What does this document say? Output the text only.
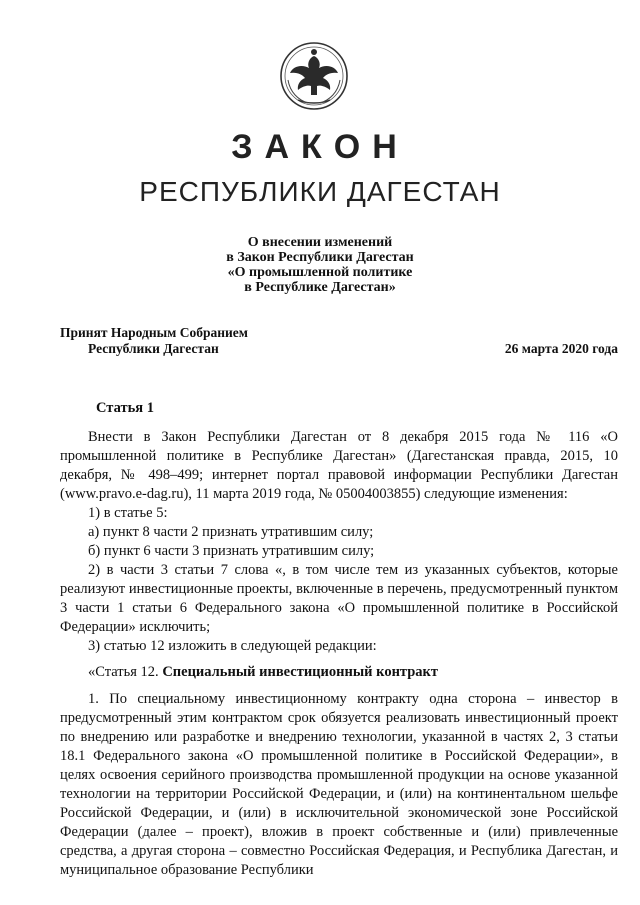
ЗАКОН
РЕСПУБЛИКИ ДАГЕСТАН
О внесении изменений
в Закон Республики Дагестан
«О промышленной политике
в Республике Дагестан»
Принят Народным Собранием
Республики Дагестан	26 марта 2020 года
Статья 1

Внести в Закон Республики Дагестан от 8 декабря 2015 года № 116 «О промышленной политике в Республике Дагестан» (Дагестанская правда, 2015, 10 декабря, № 498–499; интернет портал правовой информации Республики Дагестан (www.pravo.e-dag.ru), 11 марта 2019 года, № 05004003855) следующие изменения:

1) в статье 5:

а) пункт 8 части 2 признать утратившим силу;

б) пункт 6 части 3 признать утратившим силу;

2) в части 3 статьи 7 слова «, в том числе тем из указанных субъектов, которые реализуют инвестиционные проекты, включенные в перечень, предусмотренный пунктом 3 части 1 статьи 6 Федерального закона «О промышленной политике в Российской Федерации» исключить;

3) статью 12 изложить в следующей редакции:

«Статья 12. Специальный инвестиционный контракт

1. По специальному инвестиционному контракту одна сторона – инвестор в предусмотренный этим контрактом срок обязуется реализовать инвестиционный проект по внедрению или разработке и внедрению технологии, указанной в частях 2, 3 статьи 18.1 Федерального закона «О промышленной политике в Российской Федерации», в целях освоения серийного производства промышленной продукции на основе указанной технологии на территории Российской Федерации, и (или) на континентальном шельфе Российской Федерации, и (или) в исключительной экономической зоне Российской Федерации (далее – проект), вложив в проект собственные и (или) привлеченные средства, а другая сторона – совместно Российская Федерация, и Республика Дагестан, и муниципальное образование Республики
